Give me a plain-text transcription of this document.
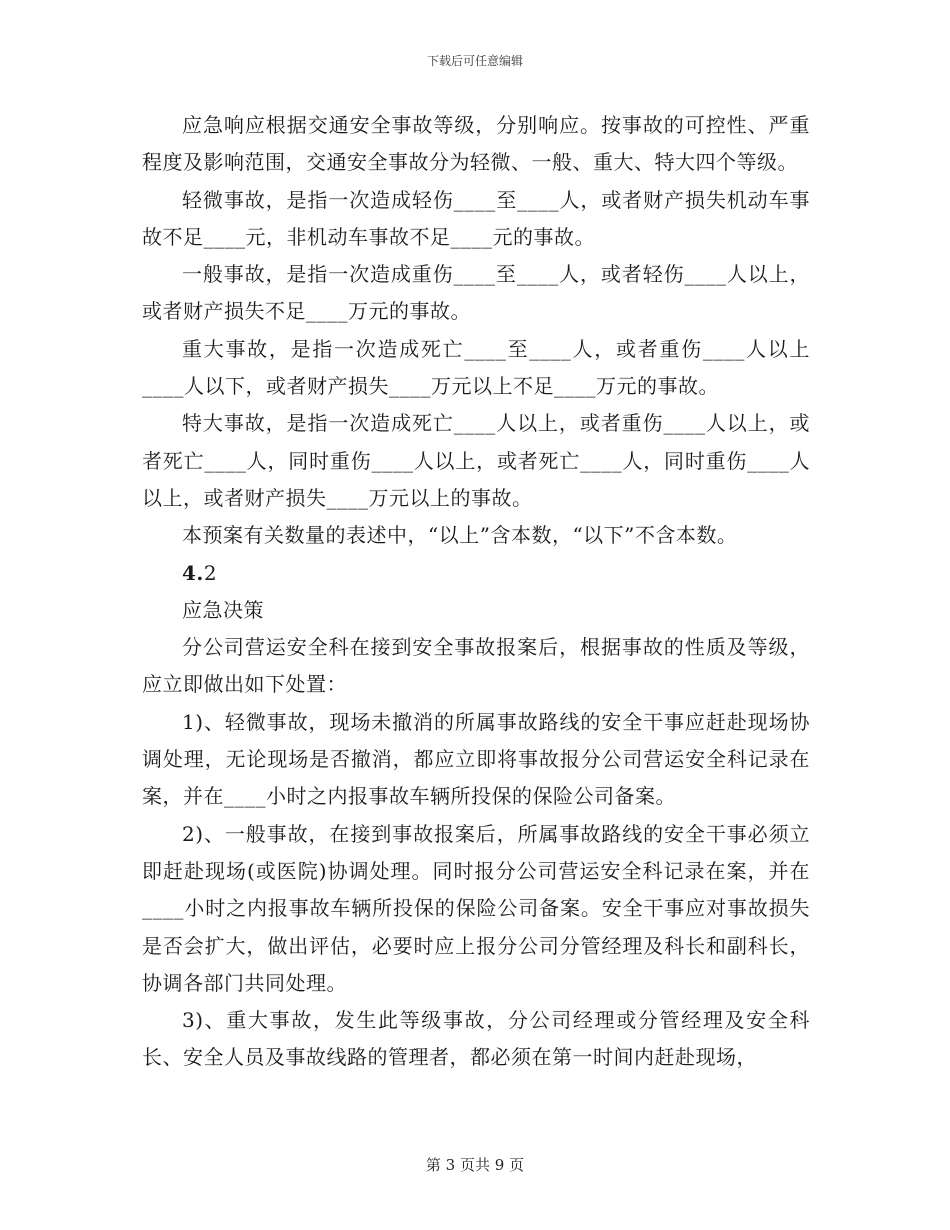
下载后可任意编辑

应急响应根据交通安全事故等级，分别响应。按事故的可控性、严重程度及影响范围，交通安全事故分为轻微、一般、重大、特大四个等级。

轻微事故，是指一次造成轻伤____至____人，或者财产损失机动车事故不足____元，非机动车事故不足____元的事故。

一般事故，是指一次造成重伤____至____人，或者轻伤____人以上，或者财产损失不足____万元的事故。

重大事故，是指一次造成死亡____至____人，或者重伤____人以上____人以下，或者财产损失____万元以上不足____万元的事故。

特大事故，是指一次造成死亡____人以上，或者重伤____人以上，或者死亡____人，同时重伤____人以上，或者死亡____人，同时重伤____人以上，或者财产损失____万元以上的事故。

本预案有关数量的表述中，“以上”含本数，“以下”不含本数。

4.2

应急决策

分公司营运安全科在接到安全事故报案后，根据事故的性质及等级，应立即做出如下处置：

1)、轻微事故，现场未撤消的所属事故路线的安全干事应赶赴现场协调处理，无论现场是否撤消，都应立即将事故报分公司营运安全科记录在案，并在____小时之内报事故车辆所投保的保险公司备案。

2)、一般事故，在接到事故报案后，所属事故路线的安全干事必须立即赶赴现场(或医院)协调处理。同时报分公司营运安全科记录在案，并在____小时之内报事故车辆所投保的保险公司备案。安全干事应对事故损失是否会扩大，做出评估，必要时应上报分公司分管经理及科长和副科长，协调各部门共同处理。

3)、重大事故，发生此等级事故，分公司经理或分管经理及安全科长、安全人员及事故线路的管理者，都必须在第一时间内赶赴现场，

第 3 页共 9 页
